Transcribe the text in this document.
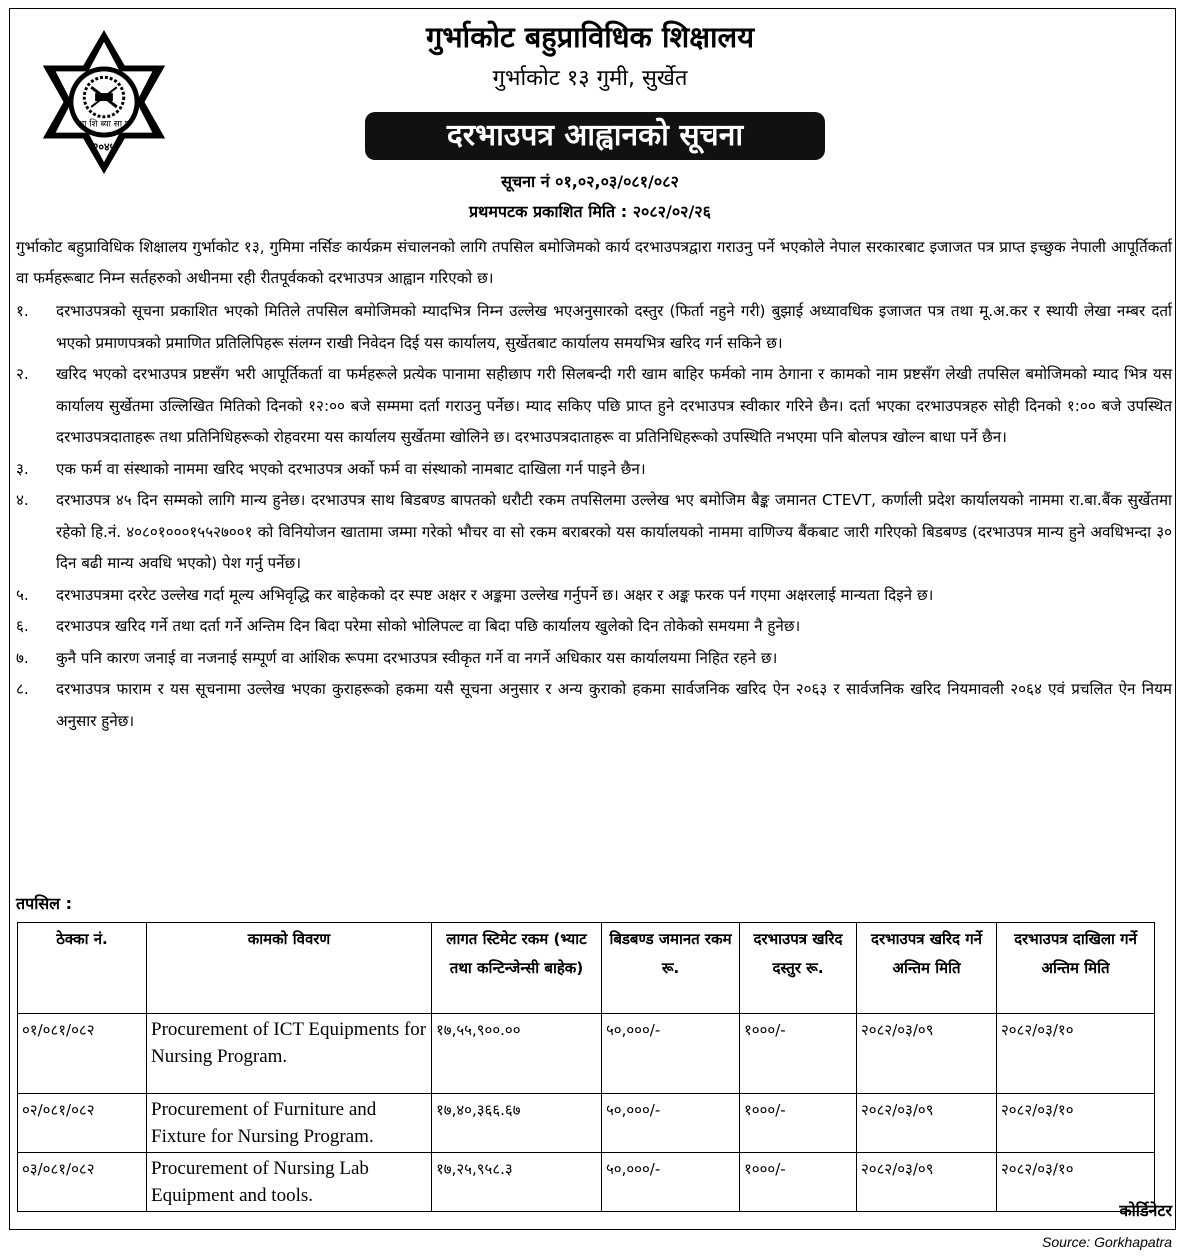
शा शि ब्या सा प
२०४५
गुर्भाकोट बहुप्राविधिक शिक्षालय
गुर्भाकोट १३ गुमी, सुर्खेत
दरभाउपत्र आह्वानको सूचना
सूचना नं ०१,०२,०३/०८१/०८२
प्रथमपटक प्रकाशित मिति : २०८२/०२/२६
गुर्भाकोट बहुप्राविधिक शिक्षालय गुर्भाकोट १३, गुमिमा नर्सिङ कार्यक्रम संचालनको लागि तपसिल बमोजिमको कार्य दरभाउपत्रद्वारा गराउनु पर्ने भएकोले नेपाल सरकारबाट इजाजत पत्र प्राप्त इच्छुक नेपाली आपूर्तिकर्ता वा फर्महरूबाट निम्न सर्तहरुको अधीनमा रही रीतपूर्वकको दरभाउपत्र आह्वान गरिएको छ।
१.	दरभाउपत्रको सूचना प्रकाशित भएको मितिले तपसिल बमोजिमको म्यादभित्र निम्न उल्लेख भएअनुसारको दस्तुर (फिर्ता नहुने गरी) बुझाई अध्यावधिक इजाजत पत्र तथा मू.अ.कर र स्थायी लेखा नम्बर दर्ता भएको प्रमाणपत्रको प्रमाणित प्रतिलिपिहरू संलग्न राखी निवेदन दिई यस कार्यालय, सुर्खेतबाट कार्यालय समयभित्र खरिद गर्न सकिने छ।
२.	खरिद भएको दरभाउपत्र प्रष्टसँग भरी आपूर्तिकर्ता वा फर्महरूले प्रत्येक पानामा सहीछाप गरी सिलबन्दी गरी खाम बाहिर फर्मको नाम ठेगाना र कामको नाम प्रष्टसँग लेखी तपसिल बमोजिमको म्याद भित्र यस कार्यालय सुर्खेतमा उल्लिखित मितिको दिनको १२:०० बजे सम्ममा दर्ता गराउनु पर्नेछ। म्याद सकिए पछि प्राप्त हुने दरभाउपत्र स्वीकार गरिने छैन। दर्ता भएका दरभाउपत्रहरु सोही दिनको १:०० बजे उपस्थित दरभाउपत्रदाताहरू तथा प्रतिनिधिहरूको रोहवरमा यस कार्यालय सुर्खेतमा खोलिने छ। दरभाउपत्रदाताहरू वा प्रतिनिधिहरूको उपस्थिति नभएमा पनि बोलपत्र खोल्न बाधा पर्ने छैन।
३.	एक फर्म वा संस्थाको नाममा खरिद भएको दरभाउपत्र अर्को फर्म वा संस्थाको नामबाट दाखिला गर्न पाइने छैन।
४.	दरभाउपत्र ४५ दिन सम्मको लागि मान्य हुनेछ। दरभाउपत्र साथ बिडबण्ड बापतको धरौटी रकम तपसिलमा उल्लेख भए बमोजिम बैङ्क जमानत CTEVT, कर्णाली प्रदेश कार्यालयको नाममा रा.बा.बैंक सुर्खेतमा रहेको हि.नं. ४०८०१०००१५५२७००१ को विनियोजन खातामा जम्मा गरेको भौचर वा सो रकम बराबरको यस कार्यालयको नाममा वाणिज्य बैंकबाट जारी गरिएको बिडबण्ड (दरभाउपत्र मान्य हुने अवधिभन्दा ३० दिन बढी मान्य अवधि भएको) पेश गर्नु पर्नेछ।
५.	दरभाउपत्रमा दररेट उल्लेख गर्दा मूल्य अभिवृद्धि कर बाहेकको दर स्पष्ट अक्षर र अङ्कमा उल्लेख गर्नुपर्ने छ। अक्षर र अङ्क फरक पर्न गएमा अक्षरलाई मान्यता दिइने छ।
६.	दरभाउपत्र खरिद गर्ने तथा दर्ता गर्ने अन्तिम दिन बिदा परेमा सोको भोलिपल्ट वा बिदा पछि कार्यालय खुलेको दिन तोकेको समयमा नै हुनेछ।
७.	कुनै पनि कारण जनाई वा नजनाई सम्पूर्ण वा आंशिक रूपमा दरभाउपत्र स्वीकृत गर्ने वा नगर्ने अधिकार यस कार्यालयमा निहित रहने छ।
८.	दरभाउपत्र फाराम र यस सूचनामा उल्लेख भएका कुराहरूको हकमा यसै सूचना अनुसार र अन्य कुराको हकमा सार्वजनिक खरिद ऐन २०६३ र सार्वजनिक खरिद नियमावली २०६४ एवं प्रचलित ऐन नियम अनुसार हुनेछ।
तपसिल :
ठेक्का नं.	कामको विवरण	लागत स्टिमेट रकम (भ्याट तथा कन्टिन्जेन्सी बाहेक)	बिडबण्ड जमानत रकम रू.	दरभाउपत्र खरिद दस्तुर रू.	दरभाउपत्र खरिद गर्ने अन्तिम मिति	दरभाउपत्र दाखिला गर्ने अन्तिम मिति
०१/०८१/०८२	Procurement of ICT Equipments for Nursing Program.	१७,५५,९००.००	५०,०००/-	१०००/-	२०८२/०३/०९	२०८२/०३/१०
०२/०८१/०८२	Procurement of Furniture and Fixture for Nursing Program.	१७,४०,३६६.६७	५०,०००/-	१०००/-	२०८२/०३/०९	२०८२/०३/१०
०३/०८१/०८२	Procurement of Nursing Lab Equipment and tools.	१७,२५,९५८.३	५०,०००/-	१०००/-	२०८२/०३/०९	२०८२/०३/१०
कोर्डिनेटर
Source: Gorkhapatra
